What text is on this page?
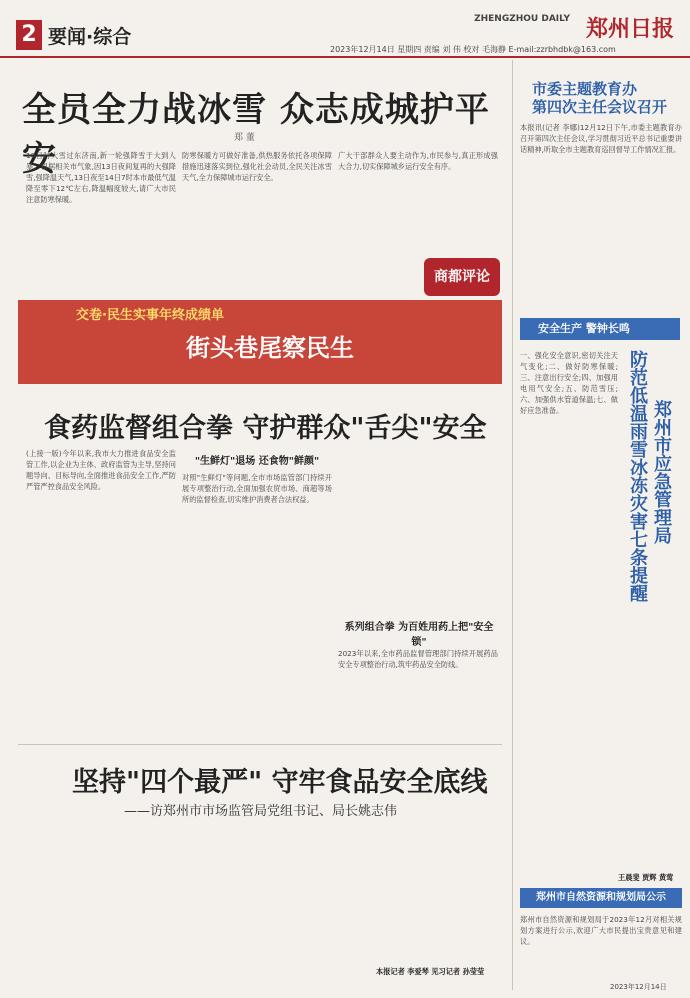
2 要闻·综合
ZHENGZHOU DAILY 郑州日报
2023年12月14日 星期四 责编 刘 伟 校对 毛海静 E-mail:zzrbhdbk@163.com
全员全力战冰雪 众志成城护平安
郑 董
10日时大雪过东济南,新一轮强降雪于大到人暴。根据相关市气象,因13日夜间复再的大强降雪,强降温天气,13日夜至14日7时本市最低气温降至零下12℃左右,降温幅度较大,请广大市民注意防寒保暖。
防寒保暖方可做好准备,供热服务依托各项保障措施迅速落实到位,强化社会动员,全民关注冰雪天气,全力保障城市运行安全。
广大干部群众人要主动作为,市民参与,真正形成强大合力,切实保障城乡运行安全有序。
商都评论
交卷·民生实事年终成绩单
街头巷尾察民生
食药监督组合拳 守护群众"舌尖"安全
(上接一版)今年以来,我市大力推进食品安全监管工作,以企业为主体、政府监管为主导,坚持问题导向、目标导向,全面推进食品安全工作,严防严管严控食品安全风险。
"生鲜灯"退场 还食物"鲜颜"
对照"生鲜灯"等问题,全市市场监管部门持续开展专项整治行动,全面加强农贸市场、商超等场所的监督检查,切实维护消费者合法权益。
系列组合拳 为百姓用药上把"安全锁"
2023年以来,全市药品监督管理部门持续开展药品安全专项整治行动,筑牢药品安全防线。
坚持"四个最严" 守牢食品安全底线
——访郑州市市场监管局党组书记、局长姚志伟
本报记者 李爱琴 见习记者 孙莹莹
市委主题教育办
第四次主任会议召开
本报讯(记者 李娜)12月12日下午,市委主题教育办召开第四次主任会议,学习贯彻习近平总书记重要讲话精神,听取全市主题教育巡回督导工作情况汇报。
安全生产 警钟长鸣
郑州市应急管理局
防范低温雨雪冰冻灾害七条提醒
一、强化安全意识,密切关注天气变化;二、做好防寒保暖;三、注意出行安全;四、加强用电用气安全;五、防范雪压;六、加强供水管道保温;七、做好应急准备。
王晨斐 贾辉 黄莺
郑州市自然资源和规划局公示
郑州市自然资源和规划局于2023年12月对相关规划方案进行公示,欢迎广大市民提出宝贵意见和建议。
2023年12月14日
